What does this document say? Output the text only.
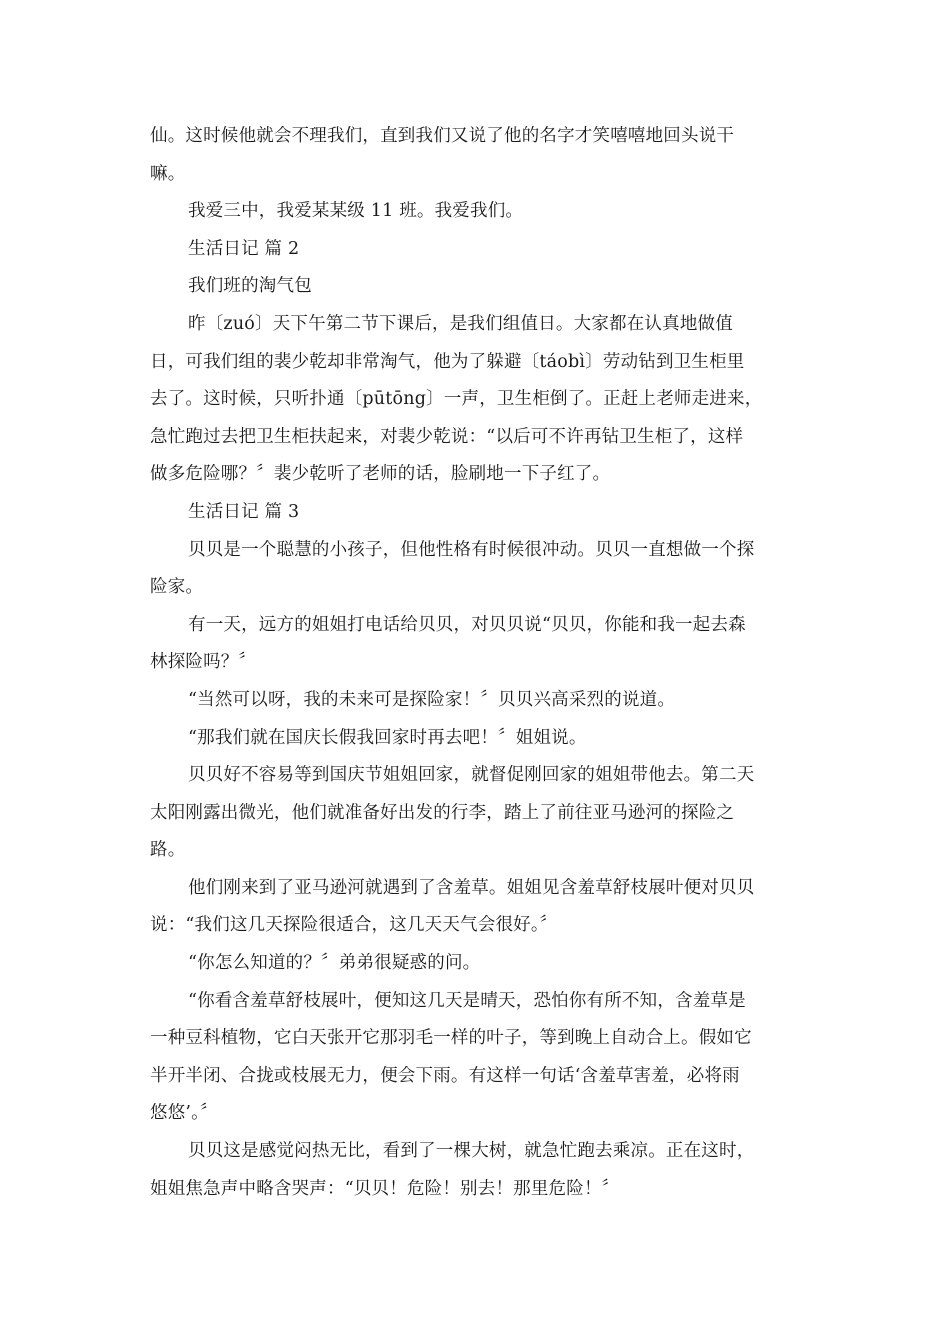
仙。这时候他就会不理我们，直到我们又说了他的名字才笑嘻嘻地回头说干
嘛。
我爱三中，我爱某某级 11 班。我爱我们。
生活日记 篇 2
我们班的淘气包
昨〔zuó〕天下午第二节下课后，是我们组值日。大家都在认真地做值
日，可我们组的裴少乾却非常淘气，他为了躲避〔táobì〕劳动钻到卫生柜里
去了。这时候，只听扑通〔pūtōng〕一声，卫生柜倒了。正赶上老师走进来，
急忙跑过去把卫生柜扶起来，对裴少乾说：“以后可不许再钻卫生柜了，这样
做多危险哪？〞裴少乾听了老师的话，脸刷地一下子红了。
生活日记 篇 3
贝贝是一个聪慧的小孩子，但他性格有时候很冲动。贝贝一直想做一个探
险家。
有一天，远方的姐姐打电话给贝贝，对贝贝说“贝贝，你能和我一起去森
林探险吗？〞
“当然可以呀，我的未来可是探险家！〞贝贝兴高采烈的说道。
“那我们就在国庆长假我回家时再去吧！〞姐姐说。
贝贝好不容易等到国庆节姐姐回家，就督促刚回家的姐姐带他去。第二天
太阳刚露出微光，他们就准备好出发的行李，踏上了前往亚马逊河的探险之
路。
他们刚来到了亚马逊河就遇到了含羞草。姐姐见含羞草舒枝展叶便对贝贝
说：“我们这几天探险很适合，这几天天气会很好。〞
“你怎么知道的？〞弟弟很疑惑的问。
“你看含羞草舒枝展叶，便知这几天是晴天，恐怕你有所不知，含羞草是
一种豆科植物，它白天张开它那羽毛一样的叶子，等到晚上自动合上。假如它
半开半闭、合拢或枝展无力，便会下雨。有这样一句话‘含羞草害羞，必将雨
悠悠’。〞
贝贝这是感觉闷热无比，看到了一棵大树，就急忙跑去乘凉。正在这时，
姐姐焦急声中略含哭声：“贝贝！危险！别去！那里危险！〞
